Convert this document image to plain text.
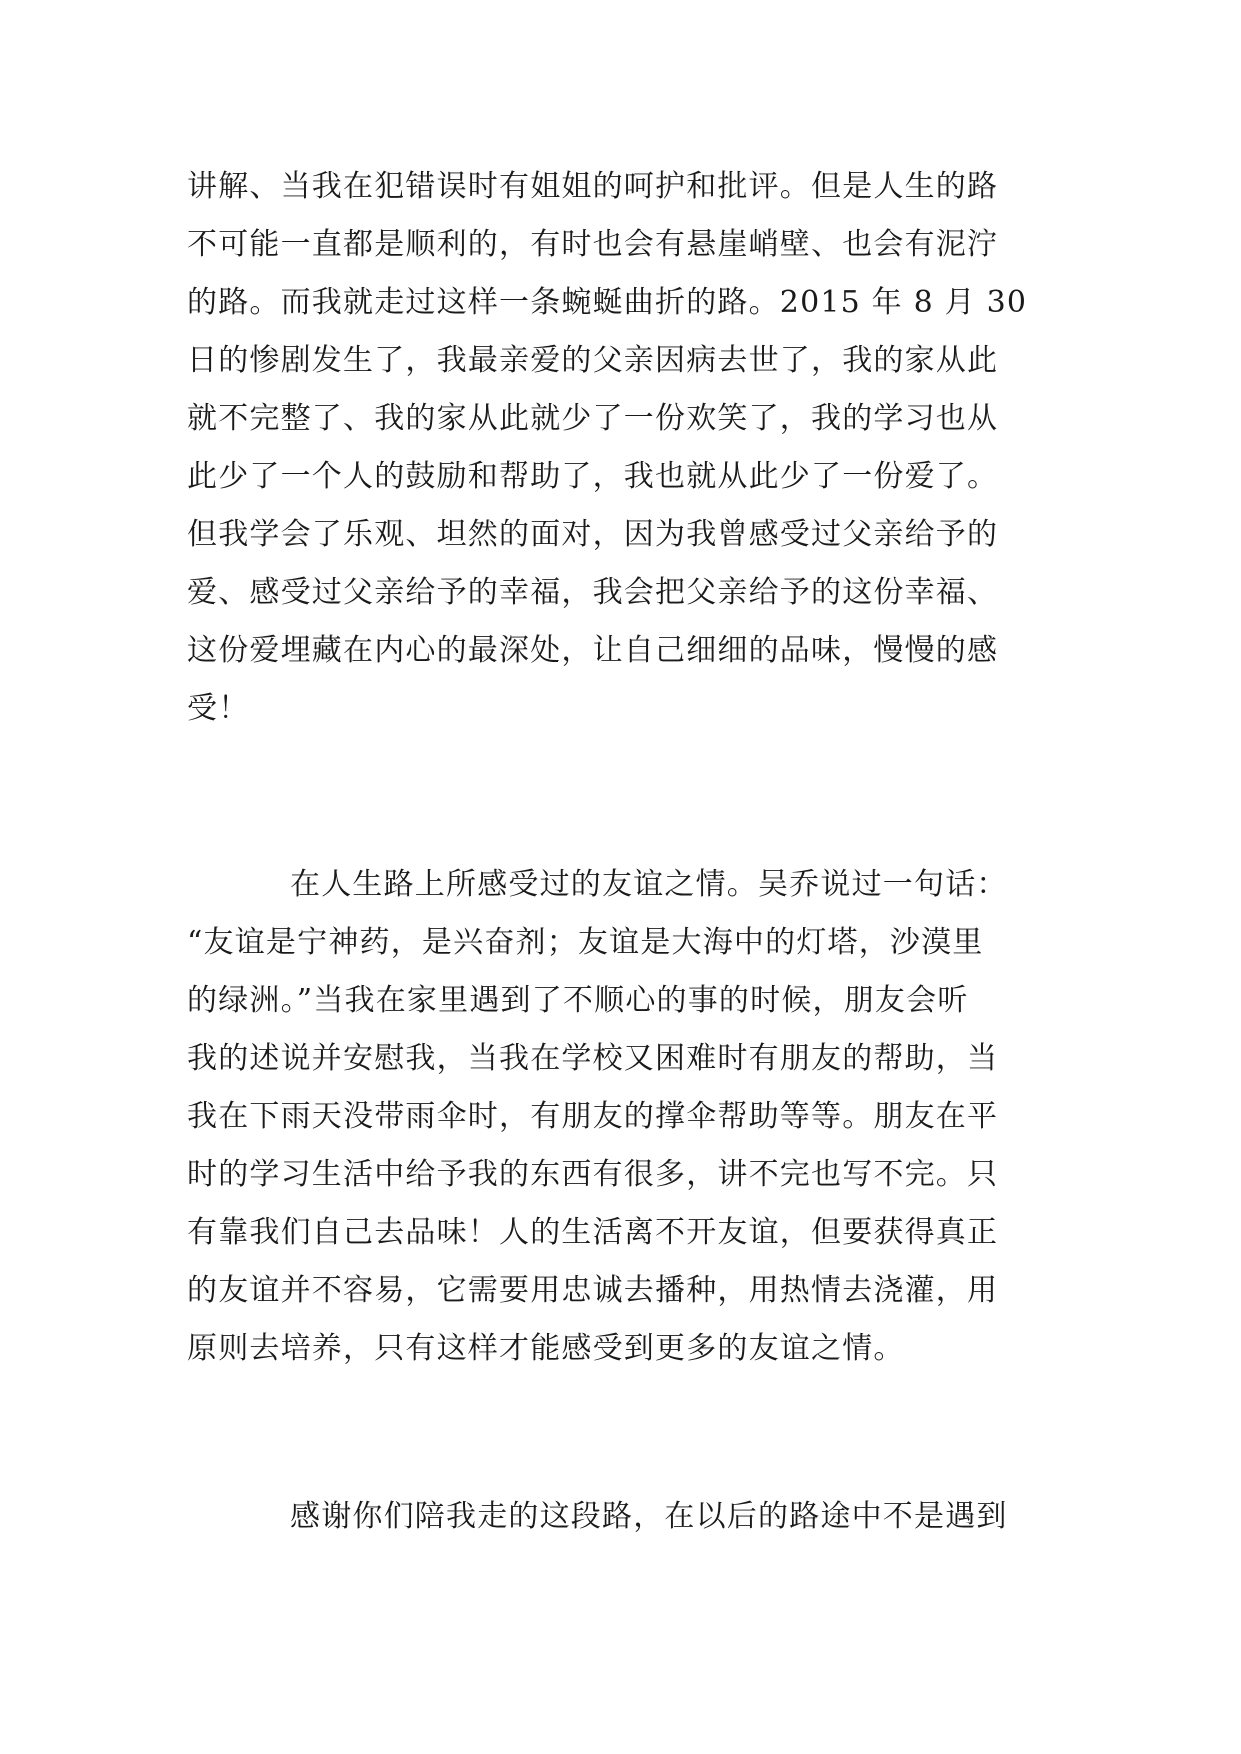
讲解、当我在犯错误时有姐姐的呵护和批评。但是人生的路
不可能一直都是顺利的，有时也会有悬崖峭壁、也会有泥泞
的路。而我就走过这样一条蜿蜒曲折的路。2015 年 8 月 30
日的惨剧发生了，我最亲爱的父亲因病去世了，我的家从此
就不完整了、我的家从此就少了一份欢笑了，我的学习也从
此少了一个人的鼓励和帮助了，我也就从此少了一份爱了。
但我学会了乐观、坦然的面对，因为我曾感受过父亲给予的
爱、感受过父亲给予的幸福，我会把父亲给予的这份幸福、
这份爱埋藏在内心的最深处，让自己细细的品味，慢慢的感
受！
在人生路上所感受过的友谊之情。吴乔说过一句话：
“友谊是宁神药，是兴奋剂；友谊是大海中的灯塔，沙漠里
的绿洲。”当我在家里遇到了不顺心的事的时候，朋友会听
我的述说并安慰我，当我在学校又困难时有朋友的帮助，当
我在下雨天没带雨伞时，有朋友的撑伞帮助等等。朋友在平
时的学习生活中给予我的东西有很多，讲不完也写不完。只
有靠我们自己去品味！人的生活离不开友谊，但要获得真正
的友谊并不容易，它需要用忠诚去播种，用热情去浇灌，用
原则去培养，只有这样才能感受到更多的友谊之情。
感谢你们陪我走的这段路，在以后的路途中不是遇到
